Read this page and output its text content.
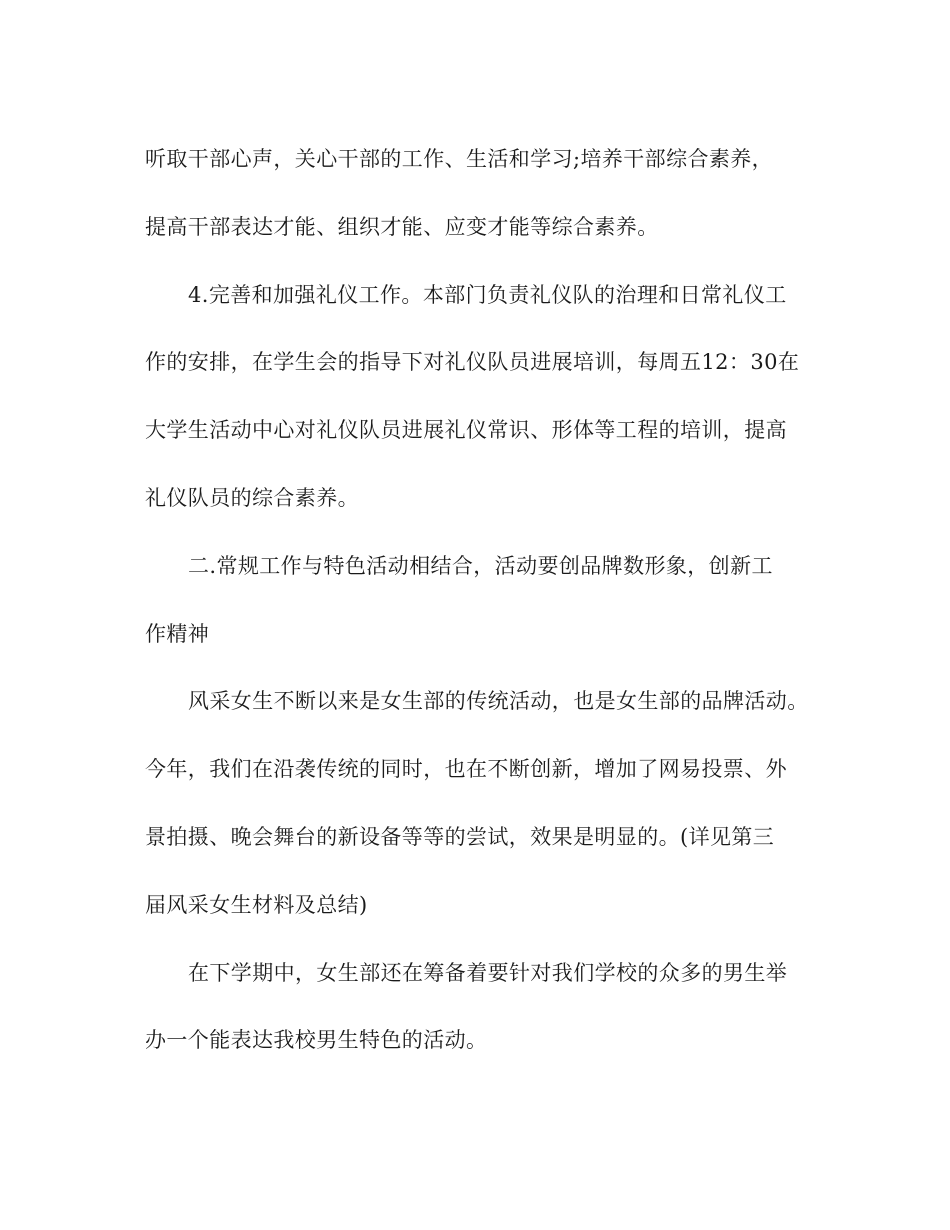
听取干部心声，关心干部的工作、生活和学习;培养干部综合素养，
提高干部表达才能、组织才能、应变才能等综合素养。
4.完善和加强礼仪工作。本部门负责礼仪队的治理和日常礼仪工
作的安排，在学生会的指导下对礼仪队员进展培训，每周五12：30在
大学生活动中心对礼仪队员进展礼仪常识、形体等工程的培训，提高
礼仪队员的综合素养。
二.常规工作与特色活动相结合，活动要创品牌数形象，创新工
作精神
风采女生不断以来是女生部的传统活动，也是女生部的品牌活动。
今年，我们在沿袭传统的同时，也在不断创新，增加了网易投票、外
景拍摄、晚会舞台的新设备等等的尝试，效果是明显的。(详见第三
届风采女生材料及总结)
在下学期中，女生部还在筹备着要针对我们学校的众多的男生举
办一个能表达我校男生特色的活动。
